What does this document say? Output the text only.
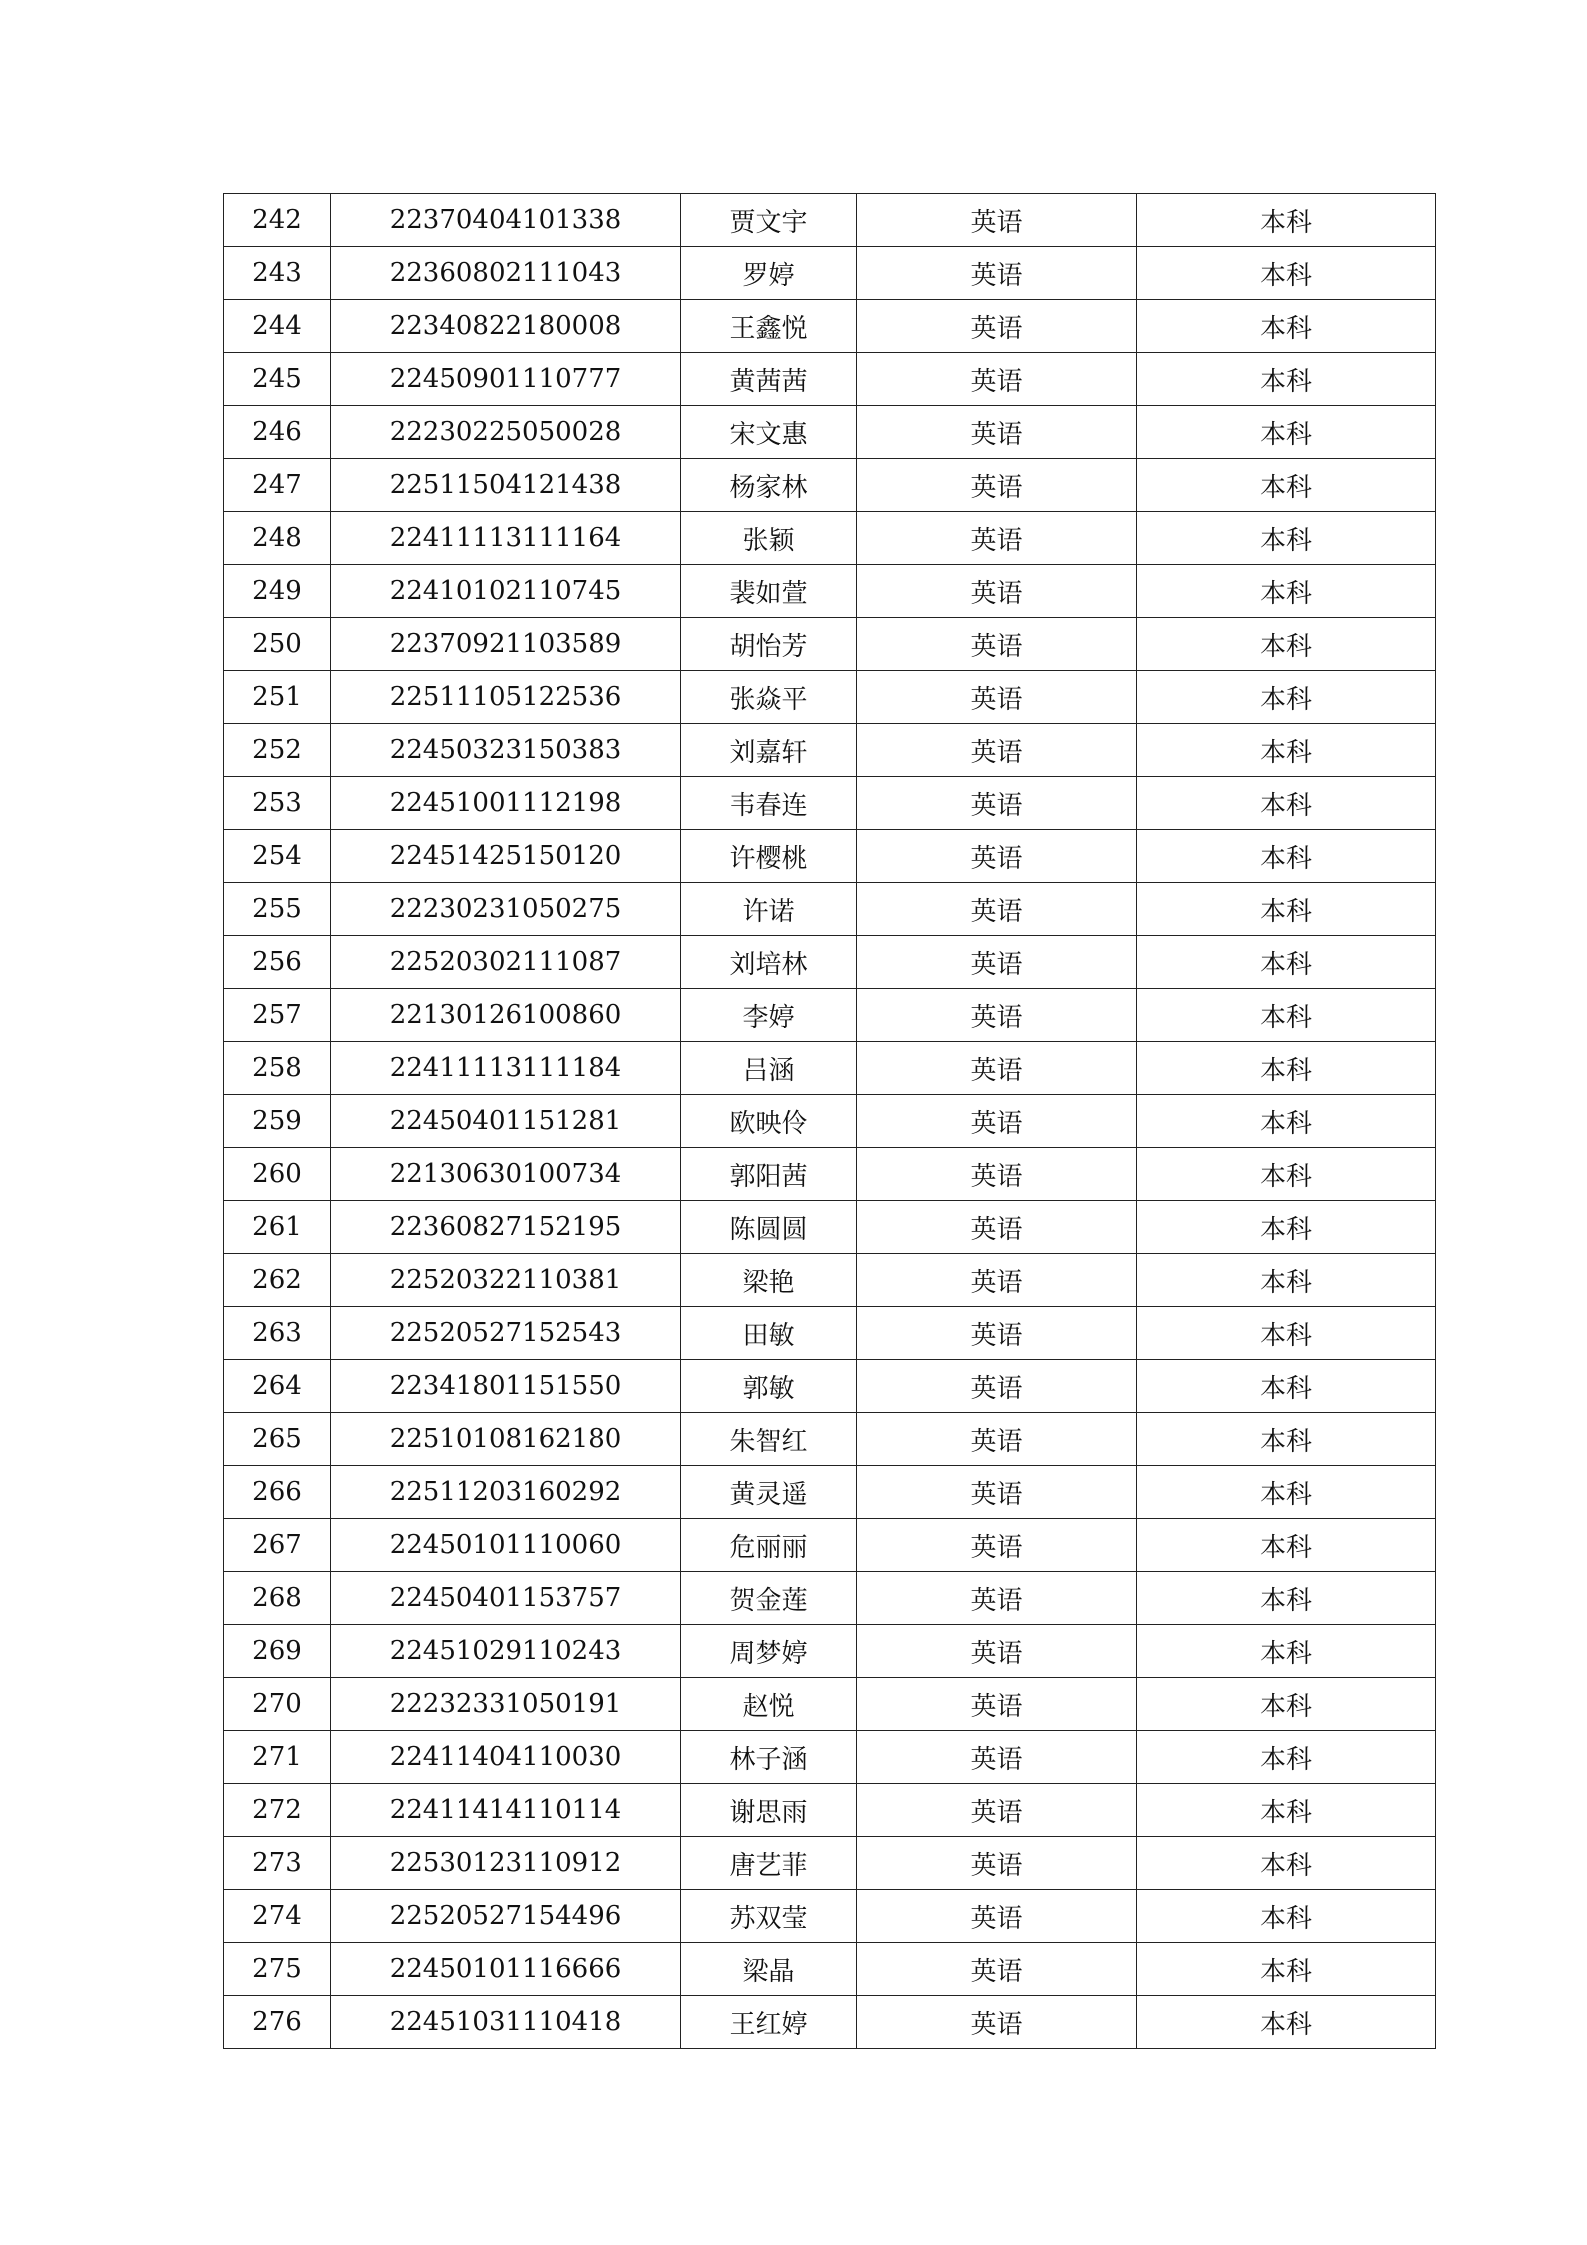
242	22370404101338	贾文宇	英语	本科
243	22360802111043	罗婷	英语	本科
244	22340822180008	王鑫悦	英语	本科
245	22450901110777	黄茜茜	英语	本科
246	22230225050028	宋文惠	英语	本科
247	22511504121438	杨家林	英语	本科
248	22411113111164	张颖	英语	本科
249	22410102110745	裴如萱	英语	本科
250	22370921103589	胡怡芳	英语	本科
251	22511105122536	张焱平	英语	本科
252	22450323150383	刘嘉轩	英语	本科
253	22451001112198	韦春连	英语	本科
254	22451425150120	许樱桃	英语	本科
255	22230231050275	许诺	英语	本科
256	22520302111087	刘培林	英语	本科
257	22130126100860	李婷	英语	本科
258	22411113111184	吕涵	英语	本科
259	22450401151281	欧映伶	英语	本科
260	22130630100734	郭阳茜	英语	本科
261	22360827152195	陈圆圆	英语	本科
262	22520322110381	梁艳	英语	本科
263	22520527152543	田敏	英语	本科
264	22341801151550	郭敏	英语	本科
265	22510108162180	朱智红	英语	本科
266	22511203160292	黄灵遥	英语	本科
267	22450101110060	危丽丽	英语	本科
268	22450401153757	贺金莲	英语	本科
269	22451029110243	周梦婷	英语	本科
270	22232331050191	赵悦	英语	本科
271	22411404110030	林子涵	英语	本科
272	22411414110114	谢思雨	英语	本科
273	22530123110912	唐艺菲	英语	本科
274	22520527154496	苏双莹	英语	本科
275	22450101116666	梁晶	英语	本科
276	22451031110418	王红婷	英语	本科
